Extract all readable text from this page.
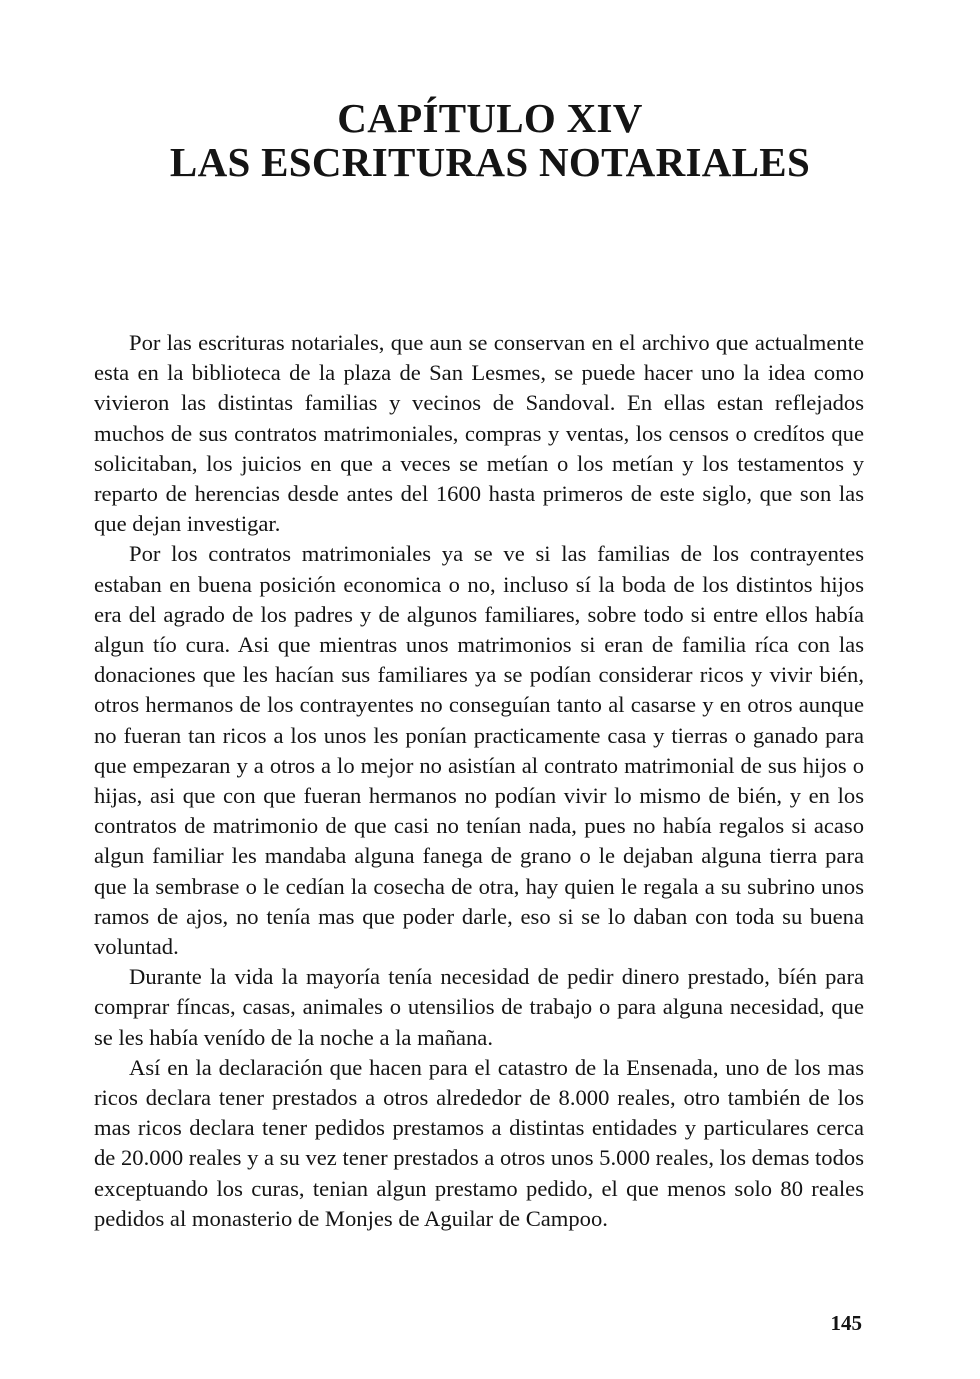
CAPÍTULO XIV
LAS ESCRITURAS NOTARIALES

Por las escrituras notariales, que aun se conservan en el archivo que actualmente esta en la biblioteca de la plaza de San Lesmes, se puede hacer uno la idea como vivieron las distintas familias y vecinos de Sandoval. En ellas estan reflejados muchos de sus contratos matrimoniales, compras y ventas, los censos o credítos que solicitaban, los juicios en que a veces se metían o los metían y los testamentos y reparto de herencias desde antes del 1600 hasta primeros de este siglo, que son las que dejan investigar.

Por los contratos matrimoniales ya se ve si las familias de los contrayentes estaban en buena posición economica o no, incluso sí la boda de los distintos hijos era del agrado de los padres y de algunos familiares, sobre todo si entre ellos había algun tío cura. Asi que mientras unos matrimonios si eran de familia ríca con las donaciones que les hacían sus familiares ya se podían considerar ricos y vivir bién, otros hermanos de los contrayentes no conseguían tanto al casarse y en otros aunque no fueran tan ricos a los unos les ponían practicamente casa y tierras o ganado para que empezaran y a otros a lo mejor no asistían al contrato matrimonial de sus hijos o hijas, asi que con que fueran hermanos no podían vivir lo mismo de bién, y en los contratos de matrimonio de que casi no tenían nada, pues no había regalos si acaso algun familiar les mandaba alguna fanega de grano o le dejaban alguna tierra para que la sembrase o le cedían la cosecha de otra, hay quien le regala a su subrino unos ramos de ajos, no tenía mas que poder darle, eso si se lo daban con toda su buena voluntad.

Durante la vida la mayoría tenía necesidad de pedir dinero prestado, bíén para comprar fíncas, casas, animales o utensilios de trabajo o para alguna necesidad, que se les había venído de la noche a la mañana.

Así en la declaración que hacen para el catastro de la Ensenada, uno de los mas ricos declara tener prestados a otros alrededor de 8.000 reales, otro también de los mas ricos declara tener pedidos prestamos a distintas entidades y particulares cerca de 20.000 reales y a su vez tener prestados a otros unos 5.000 reales, los demas todos exceptuando los curas, tenian algun prestamo pedido, el que menos solo 80 reales pedidos al monasterio de Monjes de Aguilar de Campoo.

145
